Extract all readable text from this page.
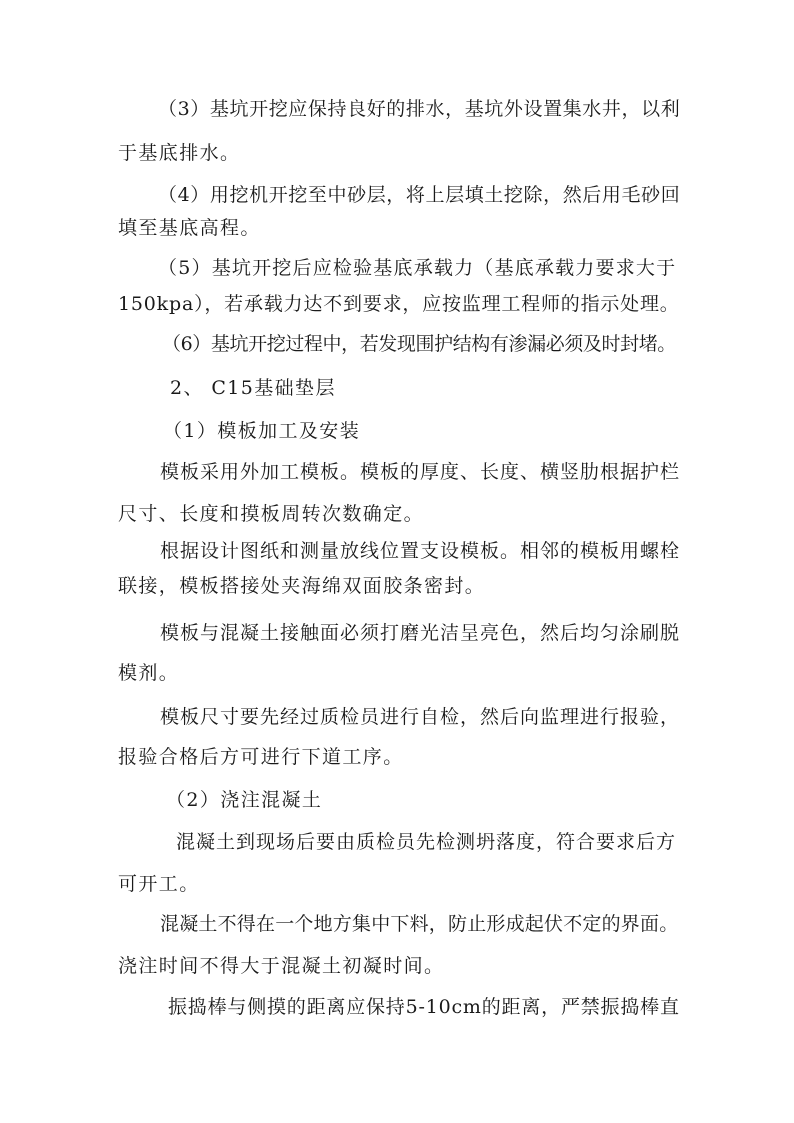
（3）基坑开挖应保持良好的排水，基坑外设置集水井，以利
于基底排水。
（4）用挖机开挖至中砂层，将上层填土挖除，然后用毛砂回
填至基底高程。
（5）基坑开挖后应检验基底承载力（基底承载力要求大于
150kpa），若承载力达不到要求，应按监理工程师的指示处理。
（6）基坑开挖过程中，若发现围护结构有渗漏必须及时封堵。
2、 C15基础垫层
（1）模板加工及安装
模板采用外加工模板。模板的厚度、长度、横竖肋根据护栏
尺寸、长度和摸板周转次数确定。
根据设计图纸和测量放线位置支设模板。相邻的模板用螺栓
联接，模板搭接处夹海绵双面胶条密封。
模板与混凝土接触面必须打磨光洁呈亮色，然后均匀涂刷脱
模剂。
模板尺寸要先经过质检员进行自检，然后向监理进行报验，
报验合格后方可进行下道工序。
（2）浇注混凝土
混凝土到现场后要由质检员先检测坍落度，符合要求后方
可开工。
混凝土不得在一个地方集中下料，防止形成起伏不定的界面。
浇注时间不得大于混凝土初凝时间。
振捣棒与侧摸的距离应保持5-10cm的距离，严禁振捣棒直
